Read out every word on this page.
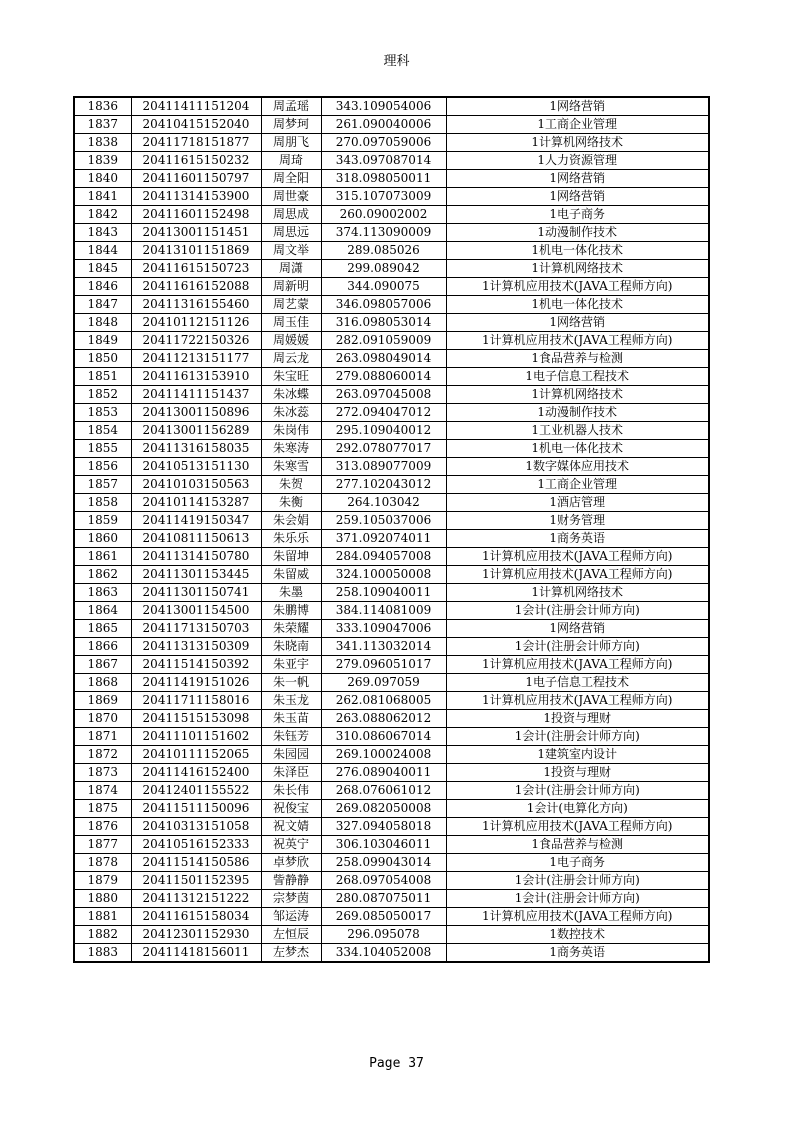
理科
1836	20411411151204	周孟瑶	343.109054006	1网络营销
1837	20410415152040	周梦珂	261.090040006	1工商企业管理
1838	20411718151877	周朋飞	270.097059006	1计算机网络技术
1839	20411615150232	周琦	343.097087014	1人力资源管理
1840	20411601150797	周全阳	318.098050011	1网络营销
1841	20411314153900	周世豪	315.107073009	1网络营销
1842	20411601152498	周思成	260.09002002	1电子商务
1843	20413001151451	周思远	374.113090009	1动漫制作技术
1844	20413101151869	周文举	289.085026	1机电一体化技术
1845	20411615150723	周潇	299.089042	1计算机网络技术
1846	20411616152088	周新明	344.090075	1计算机应用技术(JAVA工程师方向)
1847	20411316155460	周艺蒙	346.098057006	1机电一体化技术
1848	20410112151126	周玉佳	316.098053014	1网络营销
1849	20411722150326	周媛媛	282.091059009	1计算机应用技术(JAVA工程师方向)
1850	20411213151177	周云龙	263.098049014	1食品营养与检测
1851	20411613153910	朱宝旺	279.088060014	1电子信息工程技术
1852	20411411151437	朱冰蝶	263.097045008	1计算机网络技术
1853	20413001150896	朱冰蕊	272.094047012	1动漫制作技术
1854	20413001156289	朱岗伟	295.109040012	1工业机器人技术
1855	20411316158035	朱寒涛	292.078077017	1机电一体化技术
1856	20410513151130	朱寒雪	313.089077009	1数字媒体应用技术
1857	20410103150563	朱贺	277.102043012	1工商企业管理
1858	20410114153287	朱衡	264.103042	1酒店管理
1859	20411419150347	朱会娟	259.105037006	1财务管理
1860	20410811150613	朱乐乐	371.092074011	1商务英语
1861	20411314150780	朱留坤	284.094057008	1计算机应用技术(JAVA工程师方向)
1862	20411301153445	朱留威	324.100050008	1计算机应用技术(JAVA工程师方向)
1863	20411301150741	朱墨	258.109040011	1计算机网络技术
1864	20413001154500	朱鹏博	384.114081009	1会计(注册会计师方向)
1865	20411713150703	朱荣耀	333.109047006	1网络营销
1866	20411313150309	朱晓南	341.113032014	1会计(注册会计师方向)
1867	20411514150392	朱亚宇	279.096051017	1计算机应用技术(JAVA工程师方向)
1868	20411419151026	朱一帆	269.097059	1电子信息工程技术
1869	20411711158016	朱玉龙	262.081068005	1计算机应用技术(JAVA工程师方向)
1870	20411515153098	朱玉苗	263.088062012	1投资与理财
1871	20411101151602	朱钰芳	310.086067014	1会计(注册会计师方向)
1872	20410111152065	朱园园	269.100024008	1建筑室内设计
1873	20411416152400	朱泽臣	276.089040011	1投资与理财
1874	20412401155522	朱长伟	268.076061012	1会计(注册会计师方向)
1875	20411511150096	祝俊宝	269.082050008	1会计(电算化方向)
1876	20410313151058	祝文婧	327.094058018	1计算机应用技术(JAVA工程师方向)
1877	20410516152333	祝英宁	306.103046011	1食品营养与检测
1878	20411514150586	卓梦欣	258.099043014	1电子商务
1879	20411501152395	訾静静	268.097054008	1会计(注册会计师方向)
1880	20411312151222	宗梦茵	280.087075011	1会计(注册会计师方向)
1881	20411615158034	邹运涛	269.085050017	1计算机应用技术(JAVA工程师方向)
1882	20412301152930	左恒辰	296.095078	1数控技术
1883	20411418156011	左梦杰	334.104052008	1商务英语
Page 37
